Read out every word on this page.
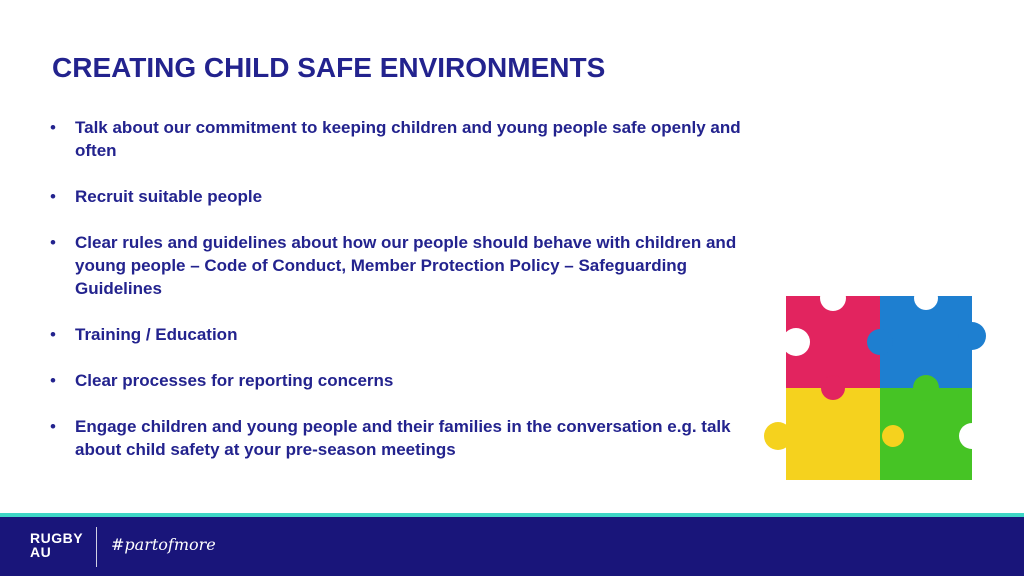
CREATING CHILD SAFE ENVIRONMENTS
• Talk about our commitment to keeping children and young people safe openly and often
• Recruit suitable people
• Clear rules and guidelines about how our people should behave with children and young people – Code of Conduct, Member Protection Policy – Safeguarding Guidelines
• Training / Education
• Clear processes for reporting concerns
• Engage children and young people and their families in the conversation e.g. talk about child safety at your pre-season meetings
RUGBY
AU	#partofmore
